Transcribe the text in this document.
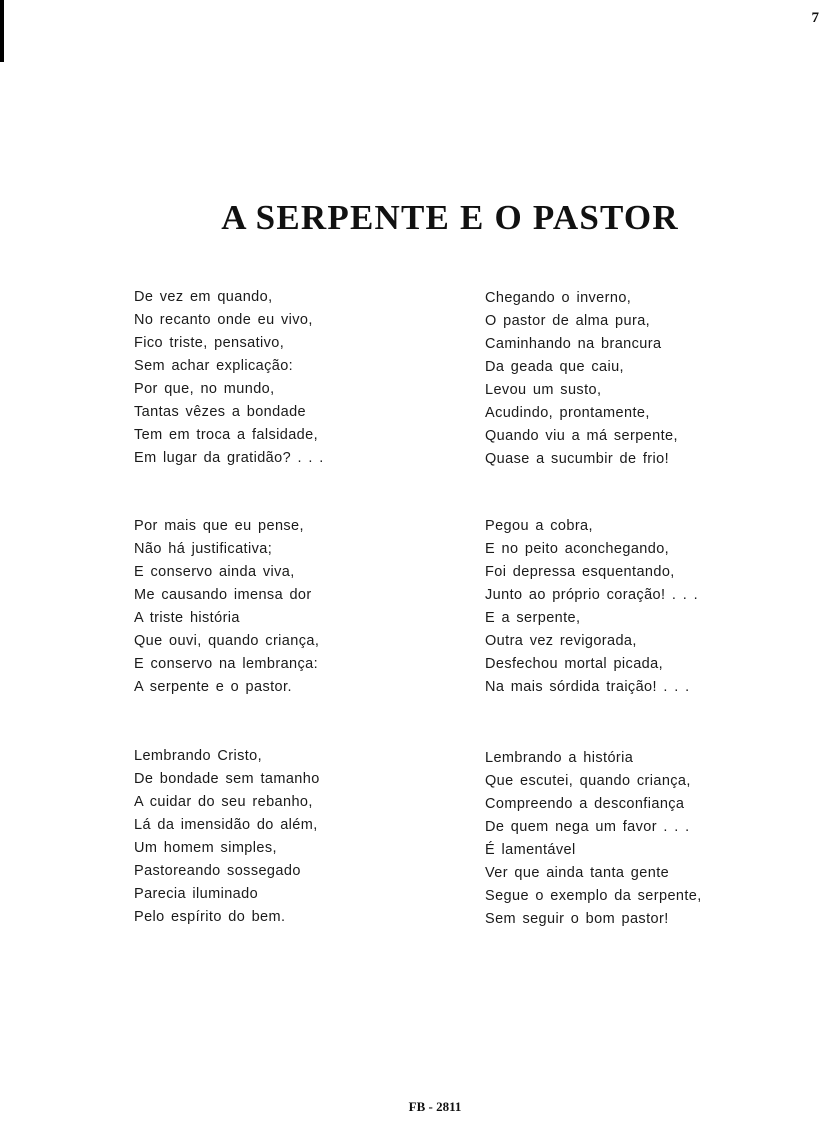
7
A SERPENTE E O PASTOR
De vez em quando,
No recanto onde eu vivo,
Fico triste, pensativo,
Sem achar explicação:
Por que, no mundo,
Tantas vêzes a bondade
Tem em troca a falsidade,
Em lugar da gratidão? . . .
Chegando o inverno,
O pastor de alma pura,
Caminhando na brancura
Da geada que caiu,
Levou um susto,
Acudindo, prontamente,
Quando viu a má serpente,
Quase a sucumbir de frio!
Por mais que eu pense,
Não há justificativa;
E conservo ainda viva,
Me causando imensa dor
A triste história
Que ouvi, quando criança,
E conservo na lembrança:
A serpente e o pastor.
Pegou a cobra,
E no peito aconchegando,
Foi depressa esquentando,
Junto ao próprio coração! . . .
E a serpente,
Outra vez revigorada,
Desfechou mortal picada,
Na mais sórdida traição! . . .
Lembrando Cristo,
De bondade sem tamanho
A cuidar do seu rebanho,
Lá da imensidão do além,
Um homem simples,
Pastoreando sossegado
Parecia iluminado
Pelo espírito do bem.
Lembrando a história
Que escutei, quando criança,
Compreendo a desconfiança
De quem nega um favor . . .
É lamentável
Ver que ainda tanta gente
Segue o exemplo da serpente,
Sem seguir o bom pastor!
FB - 2811
